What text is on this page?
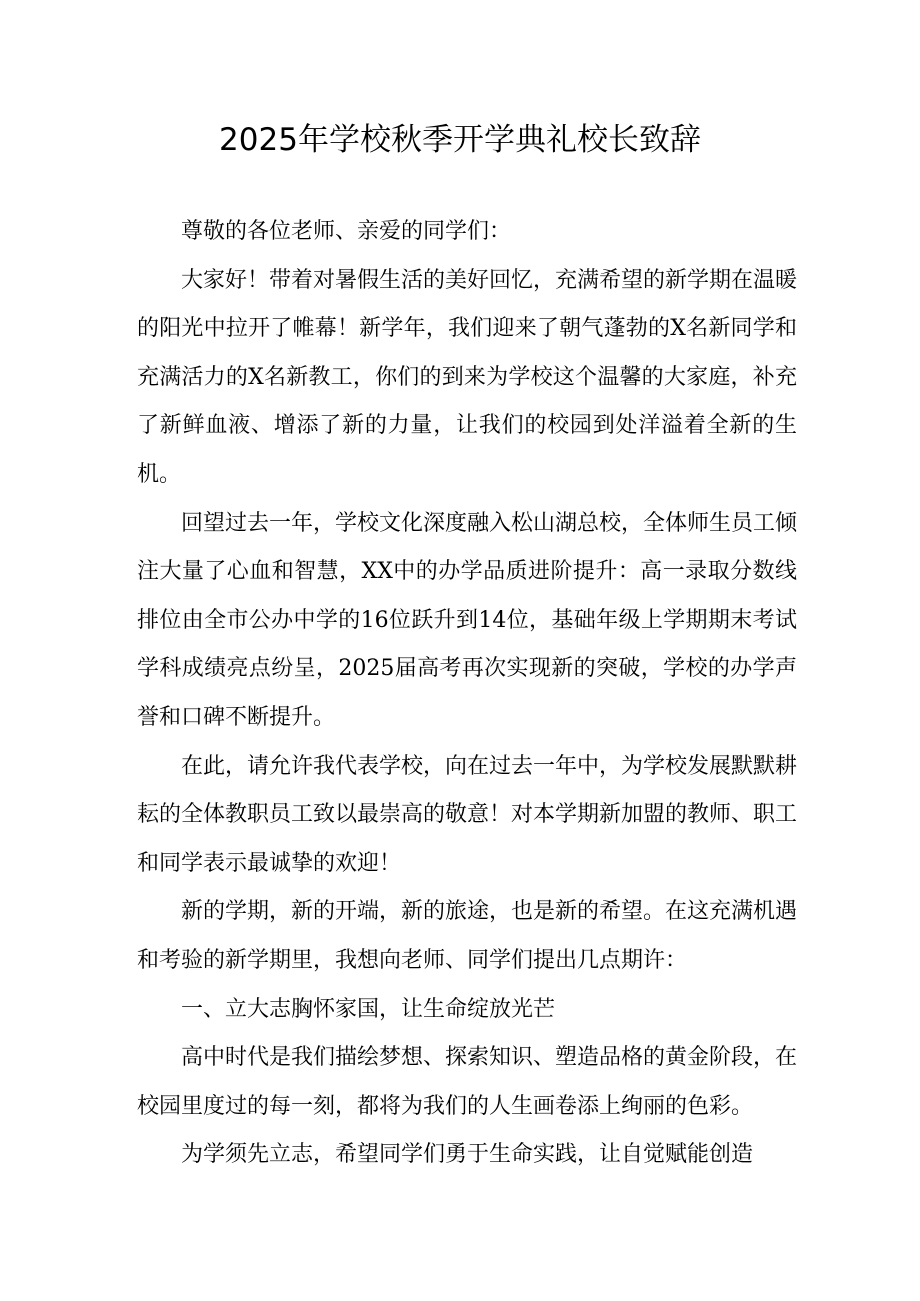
2025年学校秋季开学典礼校长致辞

尊敬的各位老师、亲爱的同学们：

大家好！带着对暑假生活的美好回忆，充满希望的新学期在温暖的阳光中拉开了帷幕！新学年，我们迎来了朝气蓬勃的X名新同学和充满活力的X名新教工，你们的到来为学校这个温馨的大家庭，补充了新鲜血液、增添了新的力量，让我们的校园到处洋溢着全新的生机。

回望过去一年，学校文化深度融入松山湖总校，全体师生员工倾注大量了心血和智慧，XX中的办学品质进阶提升：高一录取分数线排位由全市公办中学的16位跃升到14位，基础年级上学期期末考试学科成绩亮点纷呈，2025届高考再次实现新的突破，学校的办学声誉和口碑不断提升。

在此，请允许我代表学校，向在过去一年中，为学校发展默默耕耘的全体教职员工致以最崇高的敬意！对本学期新加盟的教师、职工和同学表示最诚挚的欢迎！

新的学期，新的开端，新的旅途，也是新的希望。在这充满机遇和考验的新学期里，我想向老师、同学们提出几点期许：

一、立大志胸怀家国，让生命绽放光芒

高中时代是我们描绘梦想、探索知识、塑造品格的黄金阶段，在校园里度过的每一刻，都将为我们的人生画卷添上绚丽的色彩。

为学须先立志，希望同学们勇于生命实践，让自觉赋能创造
